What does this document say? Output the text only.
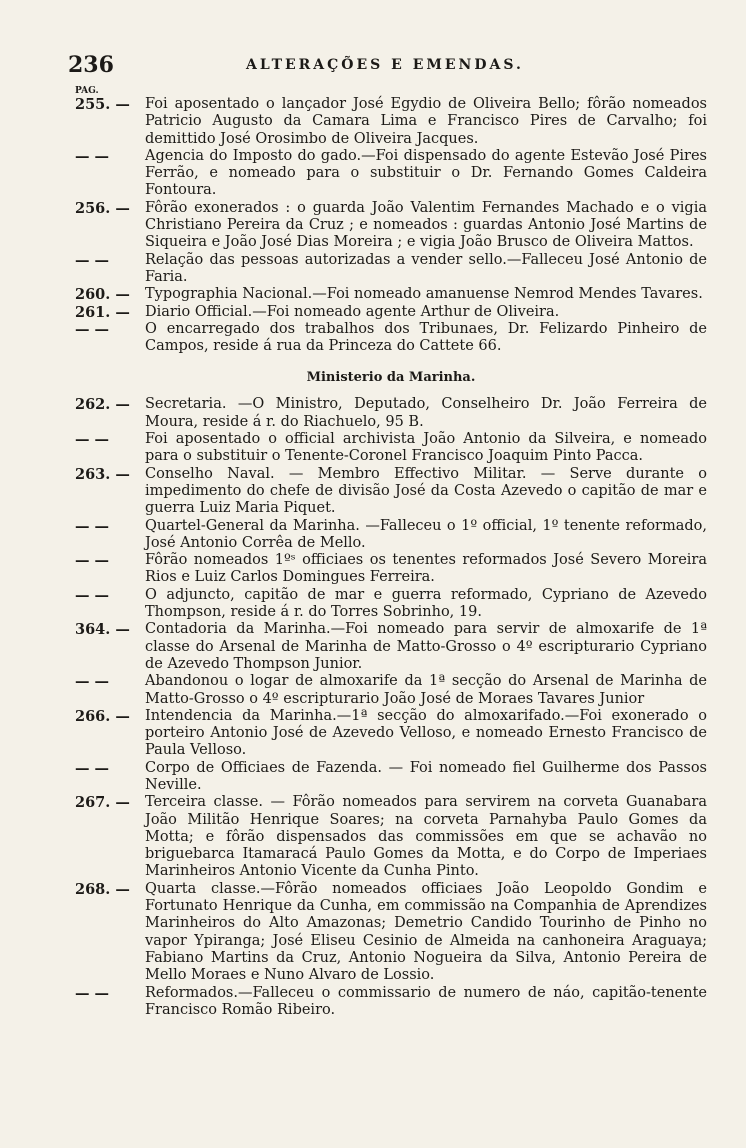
236	ALTERAÇÕES E EMENDAS.
PAG.
255. —	Foi aposentado o lançador José Egydio de Oliveira Bello; fôrão nomeados Patricio Augusto da Camara Lima e Francisco Pires de Carvalho; foi demittido José Orosimbo de Oliveira Jacques.
— —	Agencia do Imposto do gado.—Foi dispensado do agente Estevão José Pires Ferrão, e nomeado para o substituir o Dr. Fernando Gomes Caldeira Fontoura.
256. —	Fôrão exonerados : o guarda João Valentim Fernandes Machado e o vigia Christiano Pereira da Cruz ; e nomeados : guardas Antonio José Martins de Siqueira e João José Dias Moreira ; e vigia João Brusco de Oliveira Mattos.
— —	Relação das pessoas autorizadas a vender sello.—Falleceu José Antonio de Faria.
260. —	Typographia Nacional.—Foi nomeado amanuense Nemrod Mendes Tavares.
261. —	Diario Official.—Foi nomeado agente Arthur de Oliveira.
— —	O encarregado dos trabalhos dos Tribunaes, Dr. Felizardo Pinheiro de Campos, reside á rua da Princeza do Cattete 66.
Ministerio da Marinha.
262. —	Secretaria. —O Ministro, Deputado, Conselheiro Dr. João Ferreira de Moura, reside á r. do Riachuelo, 95 B.
— —	Foi aposentado o official archivista João Antonio da Silveira, e nomeado para o substituir o Tenente-Coronel Francisco Joaquim Pinto Pacca.
263. —	Conselho Naval. — Membro Effectivo Militar. — Serve durante o impedimento do chefe de divisão José da Costa Azevedo o capitão de mar e guerra Luiz Maria Piquet.
— —	Quartel-General da Marinha. —Falleceu o 1º official, 1º tenente reformado, José Antonio Corrêa de Mello.
— —	Fôrão nomeados 1ºˢ officiaes os tenentes reformados José Severo Moreira Rios e Luiz Carlos Domingues Ferreira.
— —	O adjuncto, capitão de mar e guerra reformado, Cypriano de Azevedo Thompson, reside á r. do Torres Sobrinho, 19.
364. —	Contadoria da Marinha.—Foi nomeado para servir de almoxarife de 1ª classe do Arsenal de Marinha de Matto-Grosso o 4º escripturario Cypriano de Azevedo Thompson Junior.
— —	Abandonou o logar de almoxarife da 1ª secção do Arsenal de Marinha de Matto-Grosso o 4º escripturario João José de Moraes Tavares Junior
266. —	Intendencia da Marinha.—1ª secção do almoxarifado.—Foi exonerado o porteiro Antonio José de Azevedo Velloso, e nomeado Ernesto Francisco de Paula Velloso.
— —	Corpo de Officiaes de Fazenda. — Foi nomeado fiel Guilherme dos Passos Neville.
267. —	Terceira classe. — Fôrão nomeados para servirem na corveta Guanabara João Militão Henrique Soares; na corveta Parnahyba Paulo Gomes da Motta; e fôrão dispensados das commissões em que se achavão no briguebarca Itamaracá Paulo Gomes da Motta, e do Corpo de Imperiaes Marinheiros Antonio Vicente da Cunha Pinto.
268. —	Quarta classe.—Fôrão nomeados officiaes João Leopoldo Gondim e Fortunato Henrique da Cunha, em commissão na Companhia de Aprendizes Marinheiros do Alto Amazonas; Demetrio Candido Tourinho de Pinho no vapor Ypiranga; José Eliseu Cesinio de Almeida na canhoneira Araguaya; Fabiano Martins da Cruz, Antonio Nogueira da Silva, Antonio Pereira de Mello Moraes e Nuno Alvaro de Lossio.
— —	Reformados.—Falleceu o commissario de numero de náo, capitão-tenente Francisco Romão Ribeiro.
